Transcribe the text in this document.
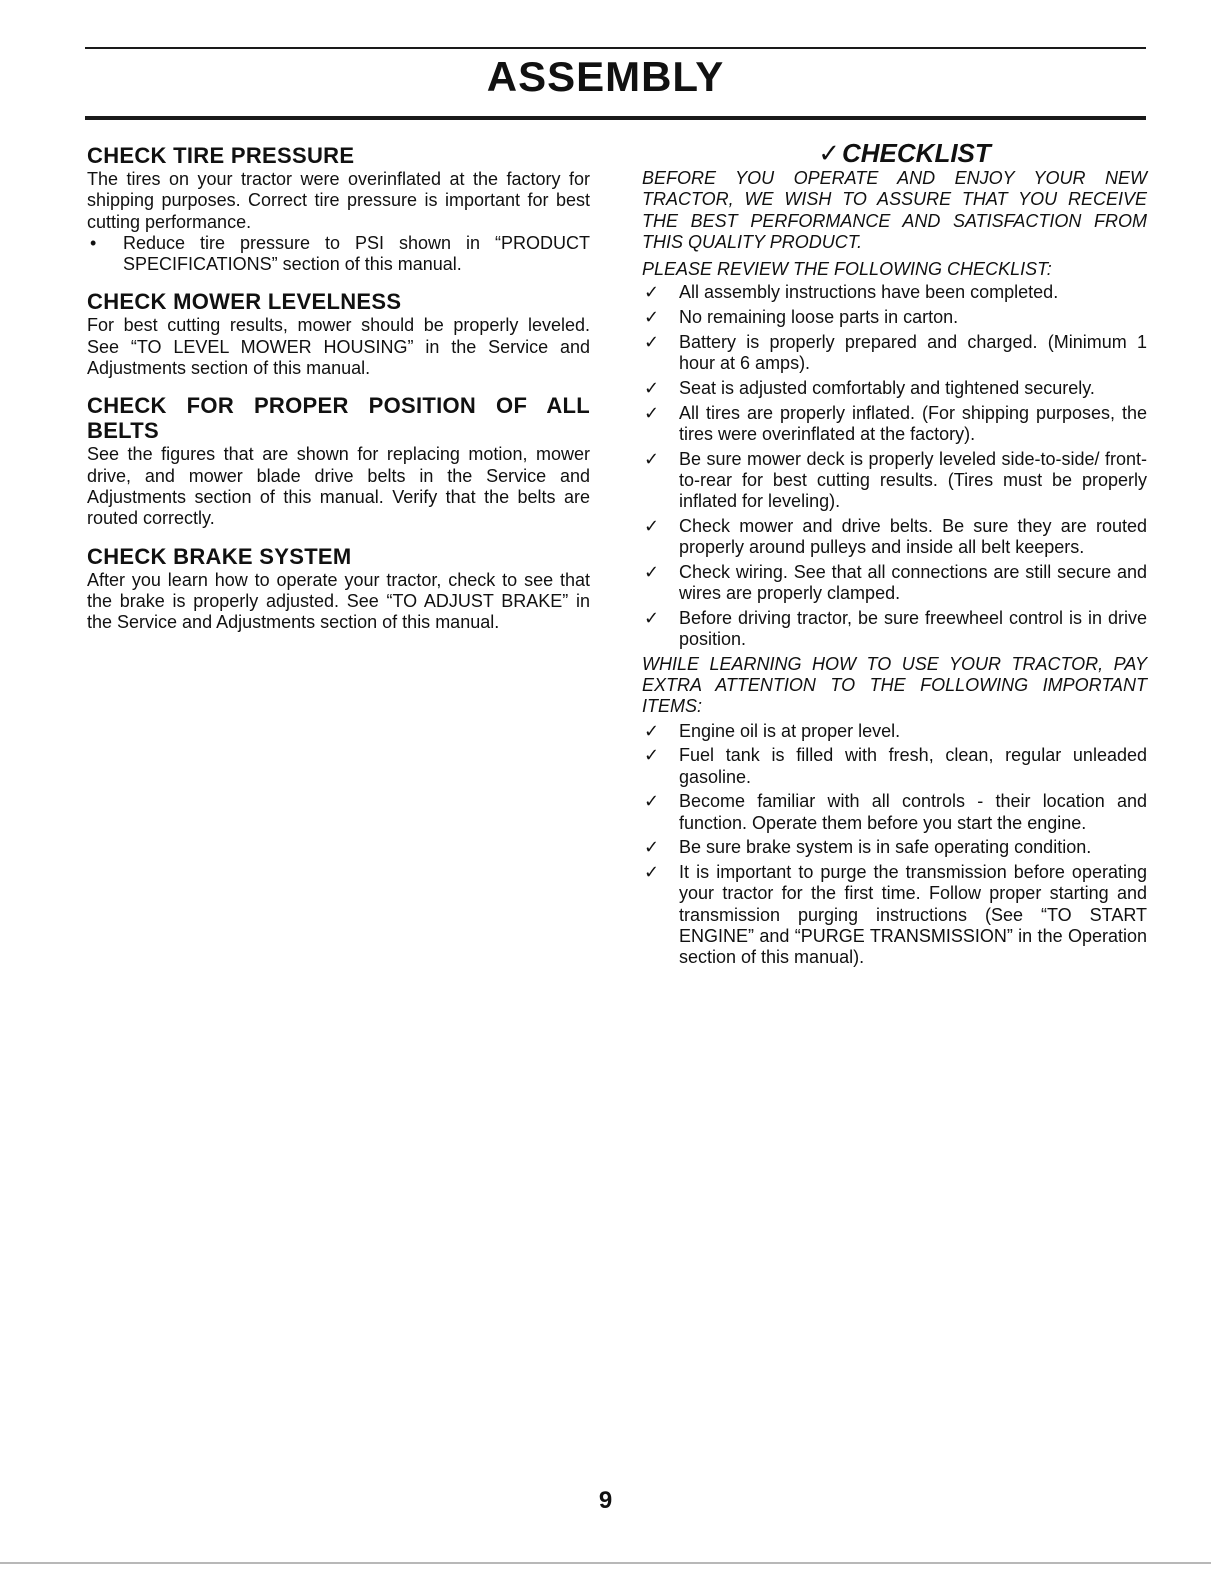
ASSEMBLY
CHECK TIRE PRESSURE

The tires on your tractor were overinflated at the factory for shipping purposes. Correct tire pressure is important for best cutting performance.

•	Reduce tire pressure to PSI shown in “PRODUCT SPECIFICATIONS” section of this manual.
CHECK MOWER LEVELNESS

For best cutting results, mower should be properly leveled. See “TO LEVEL MOWER HOUSING” in the Service and Adjustments section of this manual.

CHECK FOR PROPER POSITION OF ALL BELTS

See the figures that are shown for replacing motion, mower drive, and mower blade drive belts in the Service and Adjustments section of this manual. Verify that the belts are routed correctly.

CHECK BRAKE SYSTEM

After you learn how to operate your tractor, check to see that the brake is properly adjusted. See “TO ADJUST BRAKE” in the Service and Adjustments section of this manual.

✓CHECKLIST

BEFORE YOU OPERATE AND ENJOY YOUR NEW TRACTOR, WE WISH TO ASSURE THAT YOU RECEIVE THE BEST PERFORMANCE AND SATISFACTION FROM THIS QUALITY PRODUCT.

PLEASE REVIEW THE FOLLOWING CHECKLIST:

✓	All assembly instructions have been completed.
✓	No remaining loose parts in carton.
✓	Battery is properly prepared and charged. (Minimum 1 hour at 6 amps).
✓	Seat is adjusted comfortably and tightened securely.
✓	All tires are properly inflated. (For shipping purposes, the tires were overinflated at the factory).
✓	Be sure mower deck is properly leveled side-to-side/ front-to-rear for best cutting results. (Tires must be properly inflated for leveling).
✓	Check mower and drive belts. Be sure they are routed properly around pulleys and inside all belt keepers.
✓	Check wiring. See that all connections are still secure and wires are properly clamped.
✓	Before driving tractor, be sure freewheel control is in drive position.

WHILE LEARNING HOW TO USE YOUR TRACTOR, PAY EXTRA ATTENTION TO THE FOLLOWING IMPORTANT ITEMS:

✓	Engine oil is at proper level.
✓	Fuel tank is filled with fresh, clean, regular unleaded gasoline.
✓	Become familiar with all controls - their location and function. Operate them before you start the engine.
✓	Be sure brake system is in safe operating condition.
✓	It is important to purge the transmission before operating your tractor for the first time. Follow proper starting and transmission purging instructions (See “TO START ENGINE” and “PURGE TRANSMISSION” in the Operation section of this manual).
9
